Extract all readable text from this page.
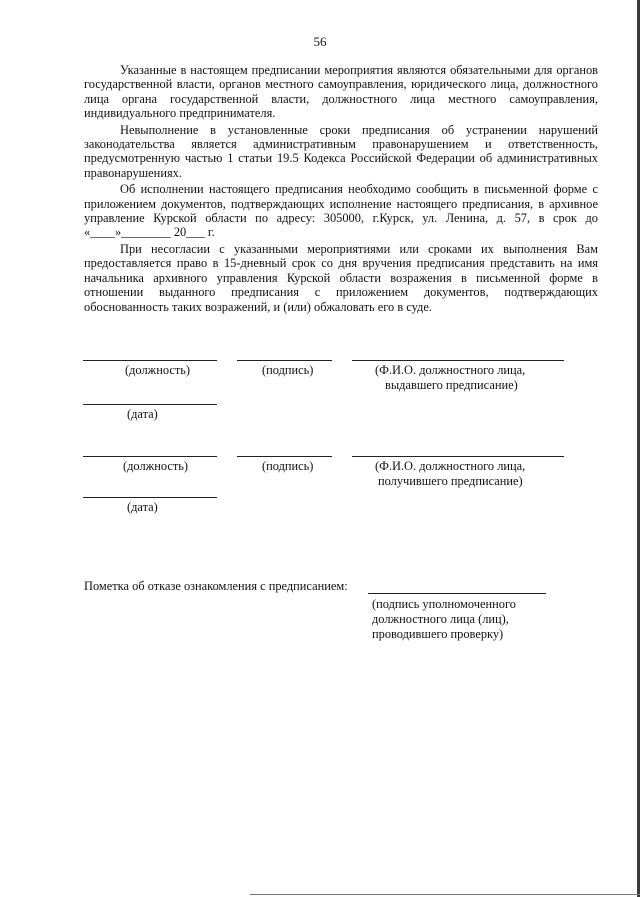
56

Указанные в настоящем предписании мероприятия являются обязательными для органов государственной власти, органов местного самоуправления, юридического лица, должностного лица органа государственной власти, должностного лица местного самоуправления, индивидуального предпринимателя.

Невыполнение в установленные сроки предписания об устранении нарушений законодательства является административным правонарушением и ответственность, предусмотренную частью 1 статьи 19.5 Кодекса Российской Федерации об административных правонарушениях.

Об исполнении настоящего предписания необходимо сообщить в письменной форме с приложением документов, подтверждающих исполнение настоящего предписания, в архивное управление Курской области по адресу: 305000, г.Курск, ул. Ленина, д. 57, в срок до «____»________ 20___ г.

При несогласии с указанными мероприятиями или сроками их выполнения Вам предоставляется право в 15-дневный срок со дня вручения предписания представить на имя начальника архивного управления Курской области возражения в письменной форме в отношении выданного предписания с приложением документов, подтверждающих обоснованность таких возражений, и (или) обжаловать его в суде.

(должность)	(подпись)	(Ф.И.О. должностного лица,
выдавшего предписание)
(дата)
(должность)	(подпись)	(Ф.И.О. должностного лица,
получившего предписание)
(дата)
Пометка об отказе ознакомления с предписанием:
(подпись уполномоченного
должностного лица (лиц),
проводившего проверку)
